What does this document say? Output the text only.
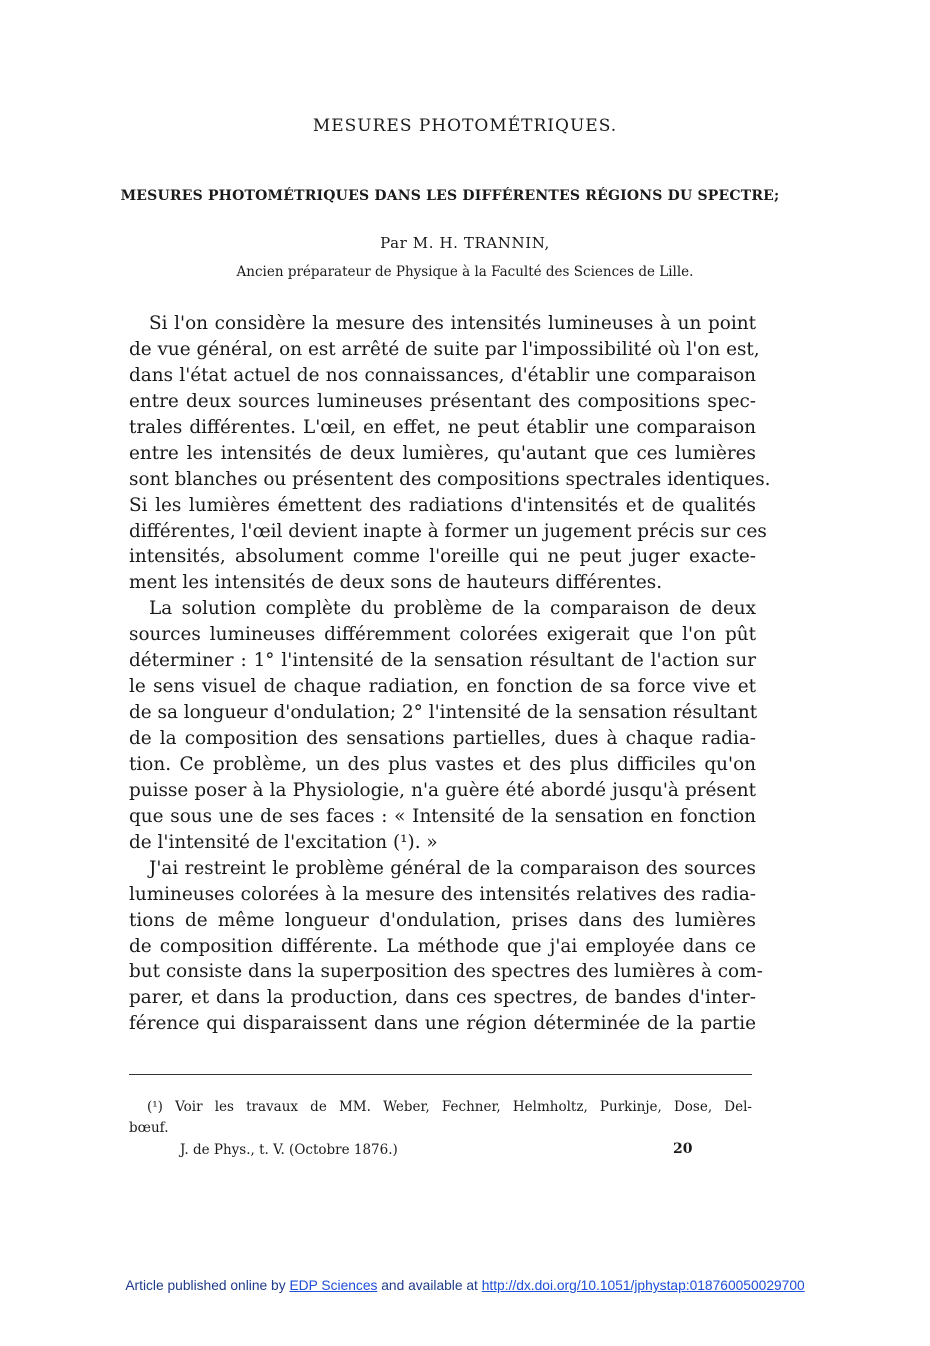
MESURES PHOTOMÉTRIQUES.
MESURES PHOTOMÉTRIQUES DANS LES DIFFÉRENTES RÉGIONS DU SPECTRE;
Par M. H. TRANNIN,
Ancien préparateur de Physique à la Faculté des Sciences de Lille.
Si l'on considère la mesure des intensités lumineuses à un point
de vue général, on est arrêté de suite par l'impossibilité où l'on est,
dans l'état actuel de nos connaissances, d'établir une comparaison
entre deux sources lumineuses présentant des compositions spec-
trales différentes. L'œil, en effet, ne peut établir une comparaison
entre les intensités de deux lumières, qu'autant que ces lumières
sont blanches ou présentent des compositions spectrales identiques.
Si les lumières émettent des radiations d'intensités et de qualités
différentes, l'œil devient inapte à former un jugement précis sur ces
intensités, absolument comme l'oreille qui ne peut juger exacte-
ment les intensités de deux sons de hauteurs différentes.
La solution complète du problème de la comparaison de deux
sources lumineuses différemment colorées exigerait que l'on pût
déterminer : 1° l'intensité de la sensation résultant de l'action sur
le sens visuel de chaque radiation, en fonction de sa force vive et
de sa longueur d'ondulation; 2° l'intensité de la sensation résultant
de la composition des sensations partielles, dues à chaque radia-
tion. Ce problème, un des plus vastes et des plus difficiles qu'on
puisse poser à la Physiologie, n'a guère été abordé jusqu'à présent
que sous une de ses faces : « Intensité de la sensation en fonction
de l'intensité de l'excitation (¹). »
J'ai restreint le problème général de la comparaison des sources
lumineuses colorées à la mesure des intensités relatives des radia-
tions de même longueur d'ondulation, prises dans des lumières
de composition différente. La méthode que j'ai employée dans ce
but consiste dans la superposition des spectres des lumières à com-
parer, et dans la production, dans ces spectres, de bandes d'inter-
férence qui disparaissent dans une région déterminée de la partie
(¹) Voir les travaux de MM. Weber, Fechner, Helmholtz, Purkinje, Dose, Del-
bœuf.
J. de Phys., t. V. (Octobre 1876.)	20
Article published online by EDP Sciences and available at http://dx.doi.org/10.1051/jphystap:018760050029700
